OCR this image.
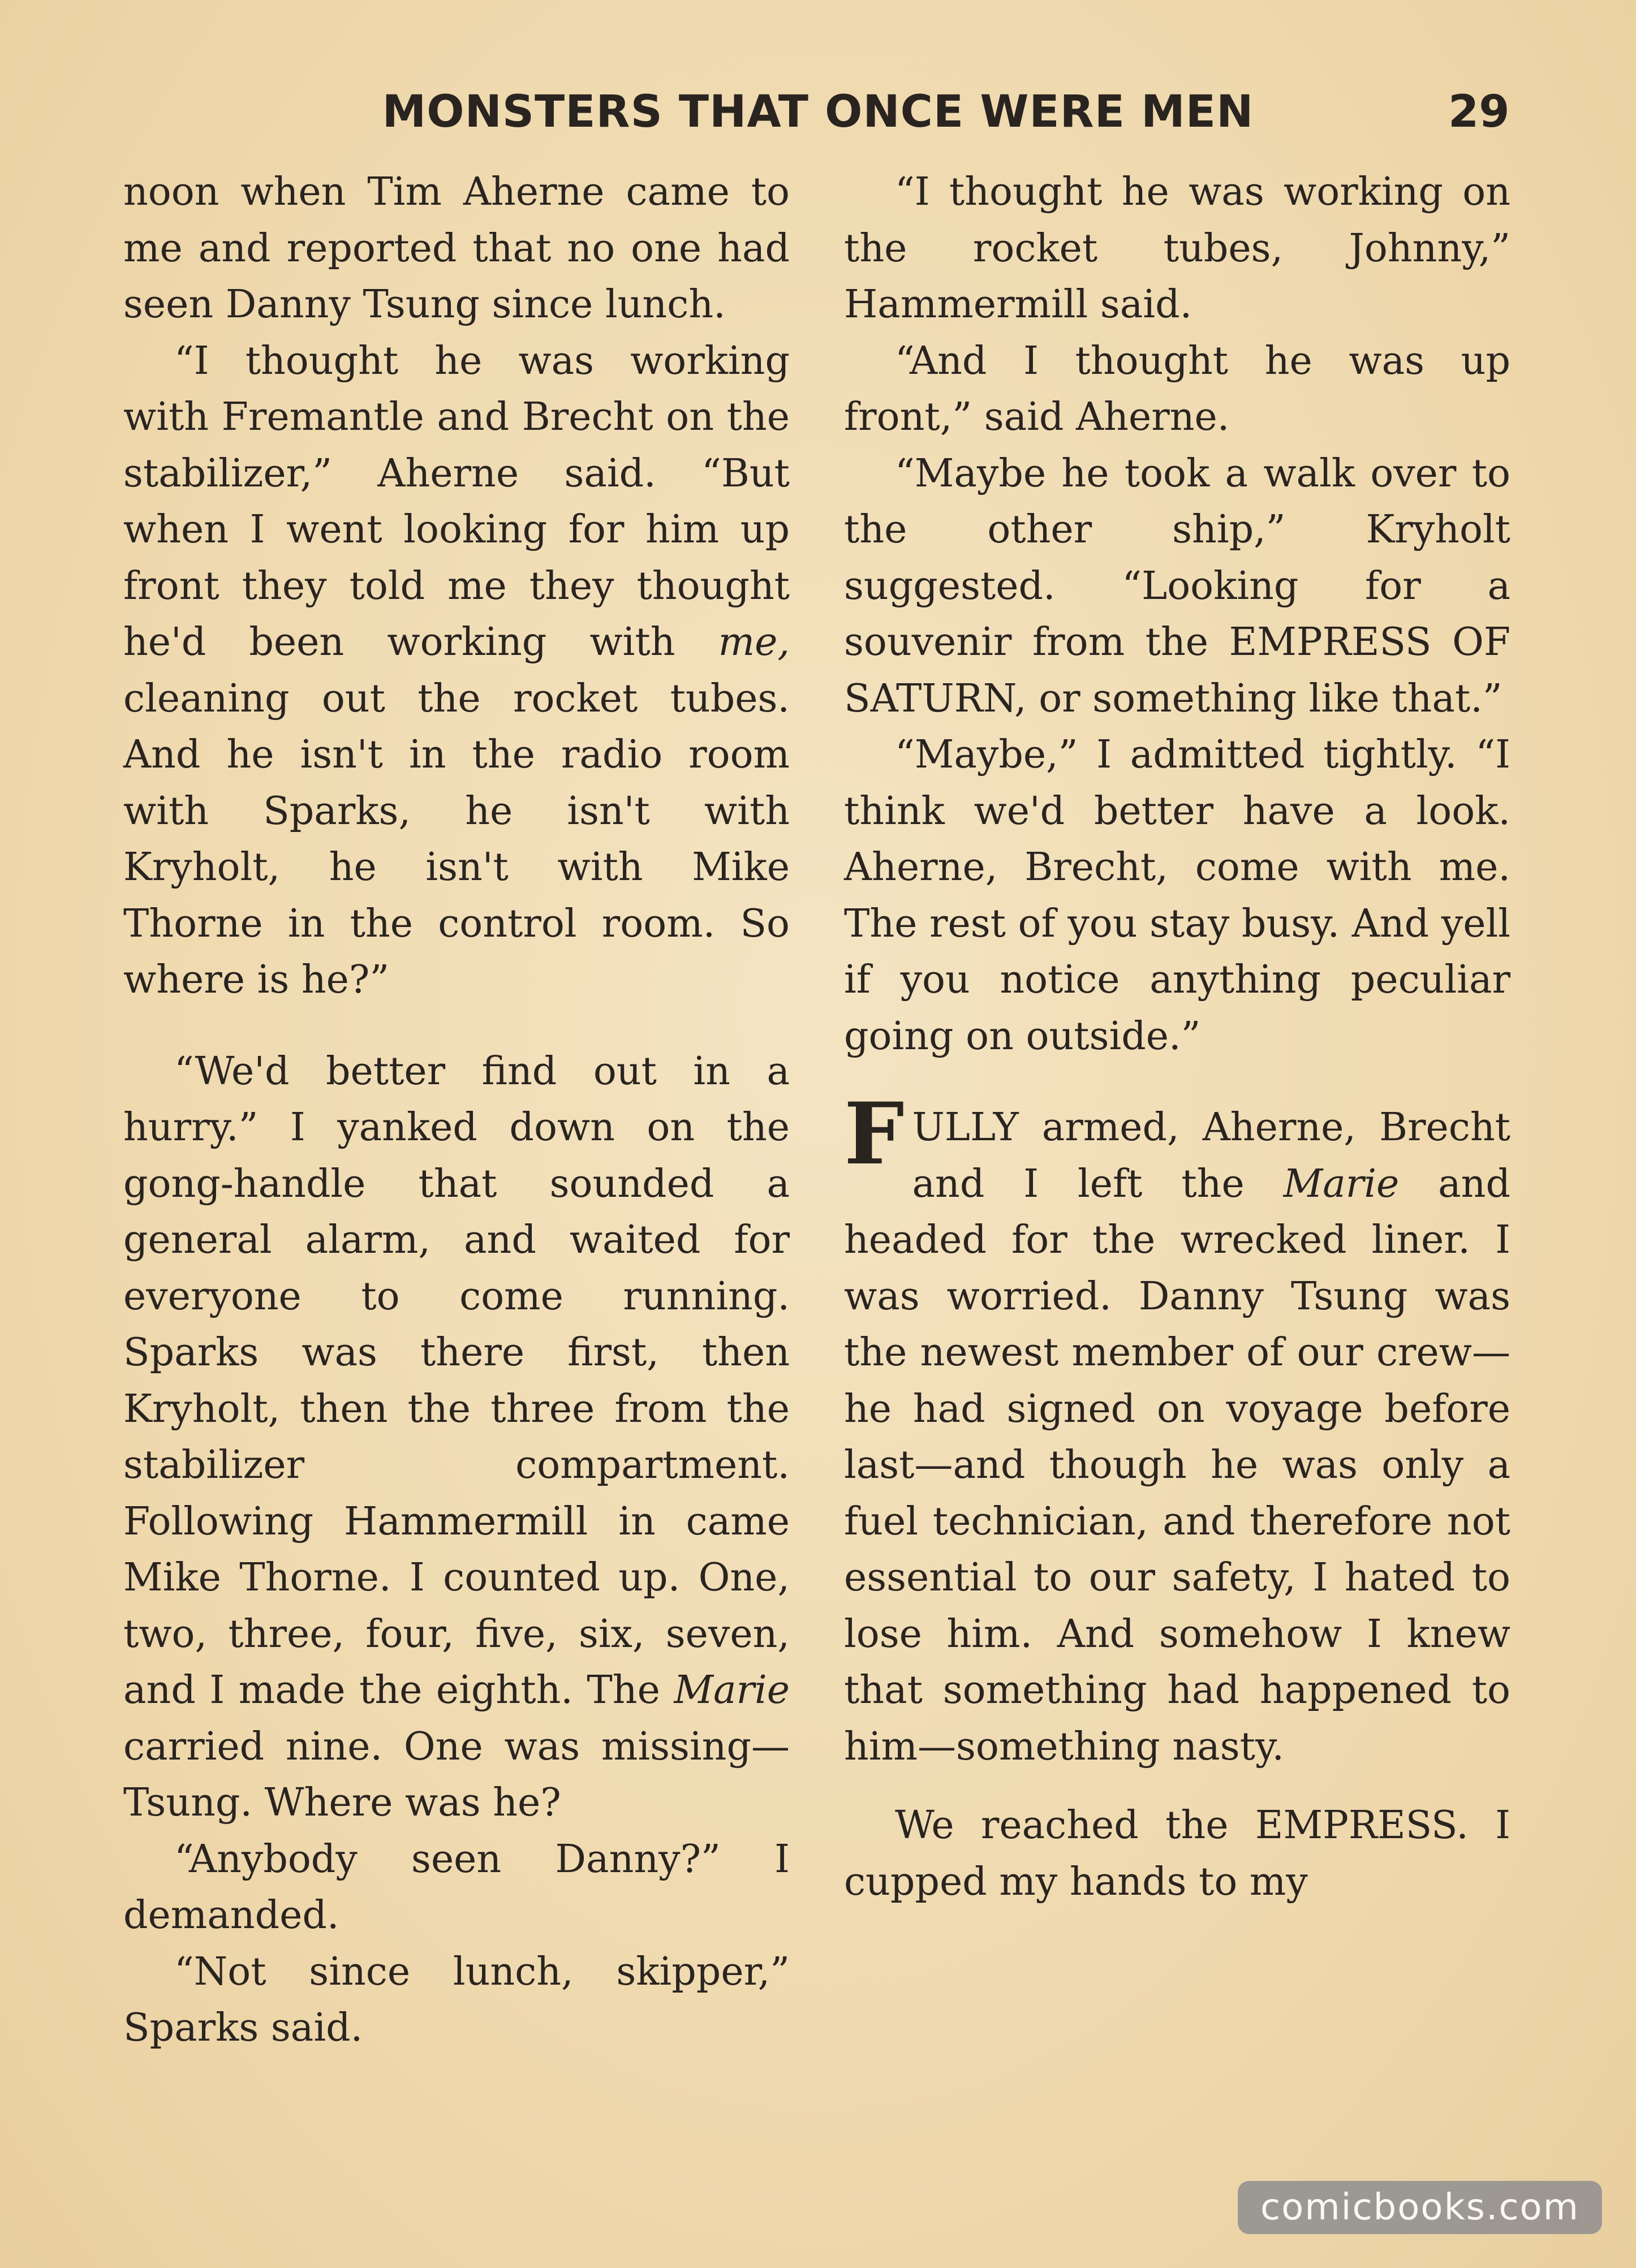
MONSTERS THAT ONCE WERE MEN	29

noon when Tim Aherne came to me and reported that no one had seen Danny Tsung since lunch.

“I thought he was working with Fremantle and Brecht on the stabilizer,” Aherne said. “But when I went looking for him up front they told me they thought he'd been working with me, cleaning out the rocket tubes. And he isn't in the radio room with Sparks, he isn't with Kryholt, he isn't with Mike Thorne in the control room. So where is he?”

“We'd better find out in a hurry.” I yanked down on the gong-handle that sounded a general alarm, and waited for everyone to come running. Sparks was there first, then Kryholt, then the three from the stabilizer compartment. Following Hammermill in came Mike Thorne. I counted up. One, two, three, four, five, six, seven, and I made the eighth. The Marie carried nine. One was missing—Tsung. Where was he?

“Anybody seen Danny?” I demanded.

“Not since lunch, skipper,” Sparks said.

“I thought he was working on the rocket tubes, Johnny,” Hammermill said.

“And I thought he was up front,” said Aherne.

“Maybe he took a walk over to the other ship,” Kryholt suggested. “Looking for a souvenir from the EMPRESS OF SATURN, or something like that.”

“Maybe,” I admitted tightly. “I think we'd better have a look. Aherne, Brecht, come with me. The rest of you stay busy. And yell if you notice anything peculiar going on outside.”

FULLY armed, Aherne, Brecht and I left the Marie and headed for the wrecked liner. I was worried. Danny Tsung was the newest member of our crew—he had signed on voyage before last—and though he was only a fuel technician, and therefore not essential to our safety, I hated to lose him. And somehow I knew that something had happened to him—something nasty.

We reached the EMPRESS. I cupped my hands to my

comicbooks.com
